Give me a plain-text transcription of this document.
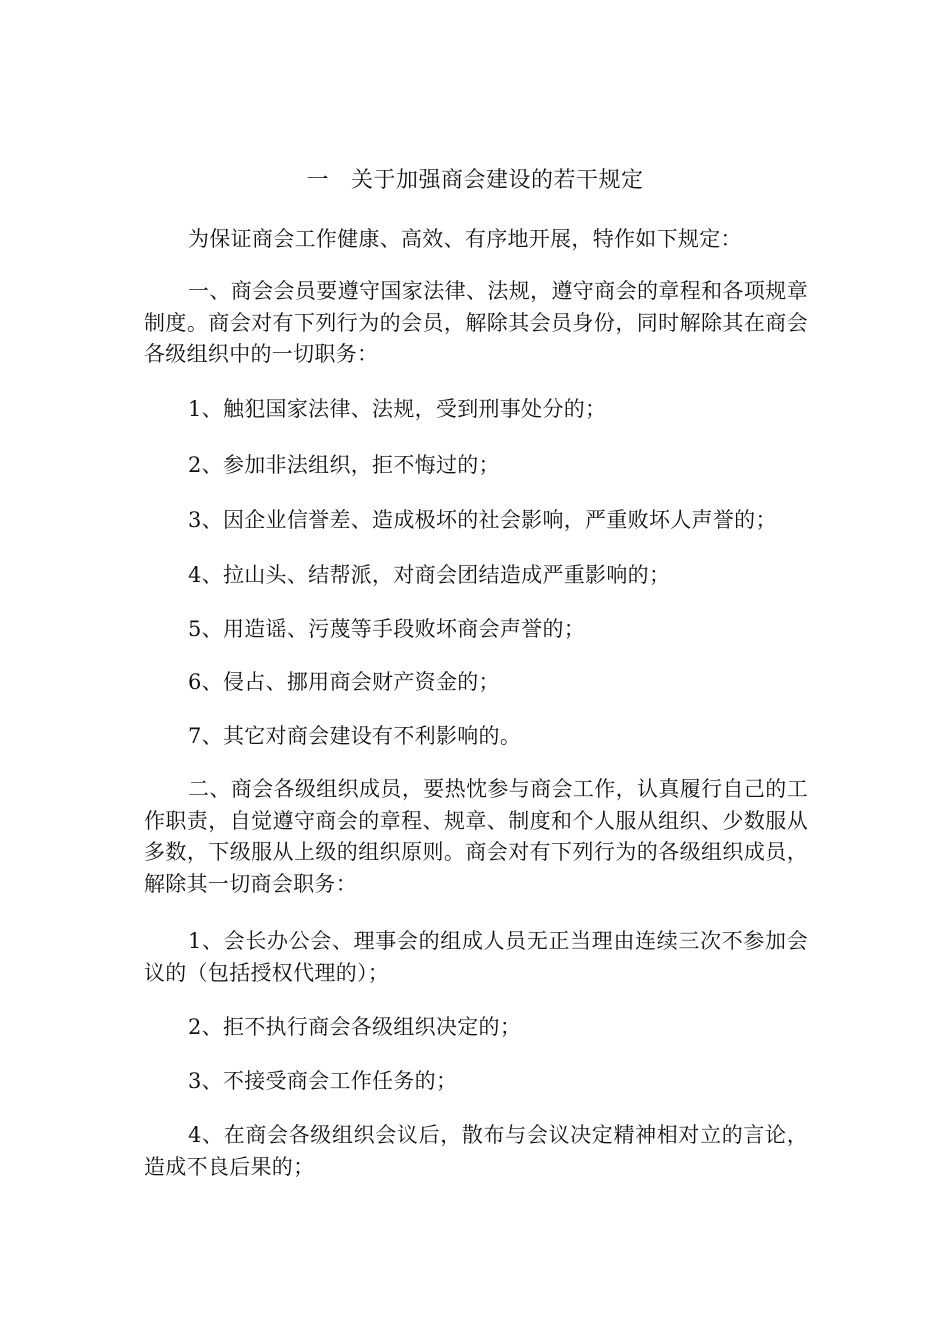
一 关于加强商会建设的若干规定

为保证商会工作健康、高效、有序地开展，特作如下规定：

一、商会会员要遵守国家法律、法规，遵守商会的章程和各项规章制度。商会对有下列行为的会员，解除其会员身份，同时解除其在商会各级组织中的一切职务：

1、触犯国家法律、法规，受到刑事处分的；

2、参加非法组织，拒不悔过的；

3、因企业信誉差、造成极坏的社会影响，严重败坏人声誉的；

4、拉山头、结帮派，对商会团结造成严重影响的；

5、用造谣、污蔑等手段败坏商会声誉的；

6、侵占、挪用商会财产资金的；

7、其它对商会建设有不利影响的。

二、商会各级组织成员，要热忱参与商会工作，认真履行自己的工作职责，自觉遵守商会的章程、规章、制度和个人服从组织、少数服从多数，下级服从上级的组织原则。商会对有下列行为的各级组织成员，解除其一切商会职务：

1、会长办公会、理事会的组成人员无正当理由连续三次不参加会议的（包括授权代理的）；

2、拒不执行商会各级组织决定的；

3、不接受商会工作任务的；

4、在商会各级组织会议后，散布与会议决定精神相对立的言论，造成不良后果的；
